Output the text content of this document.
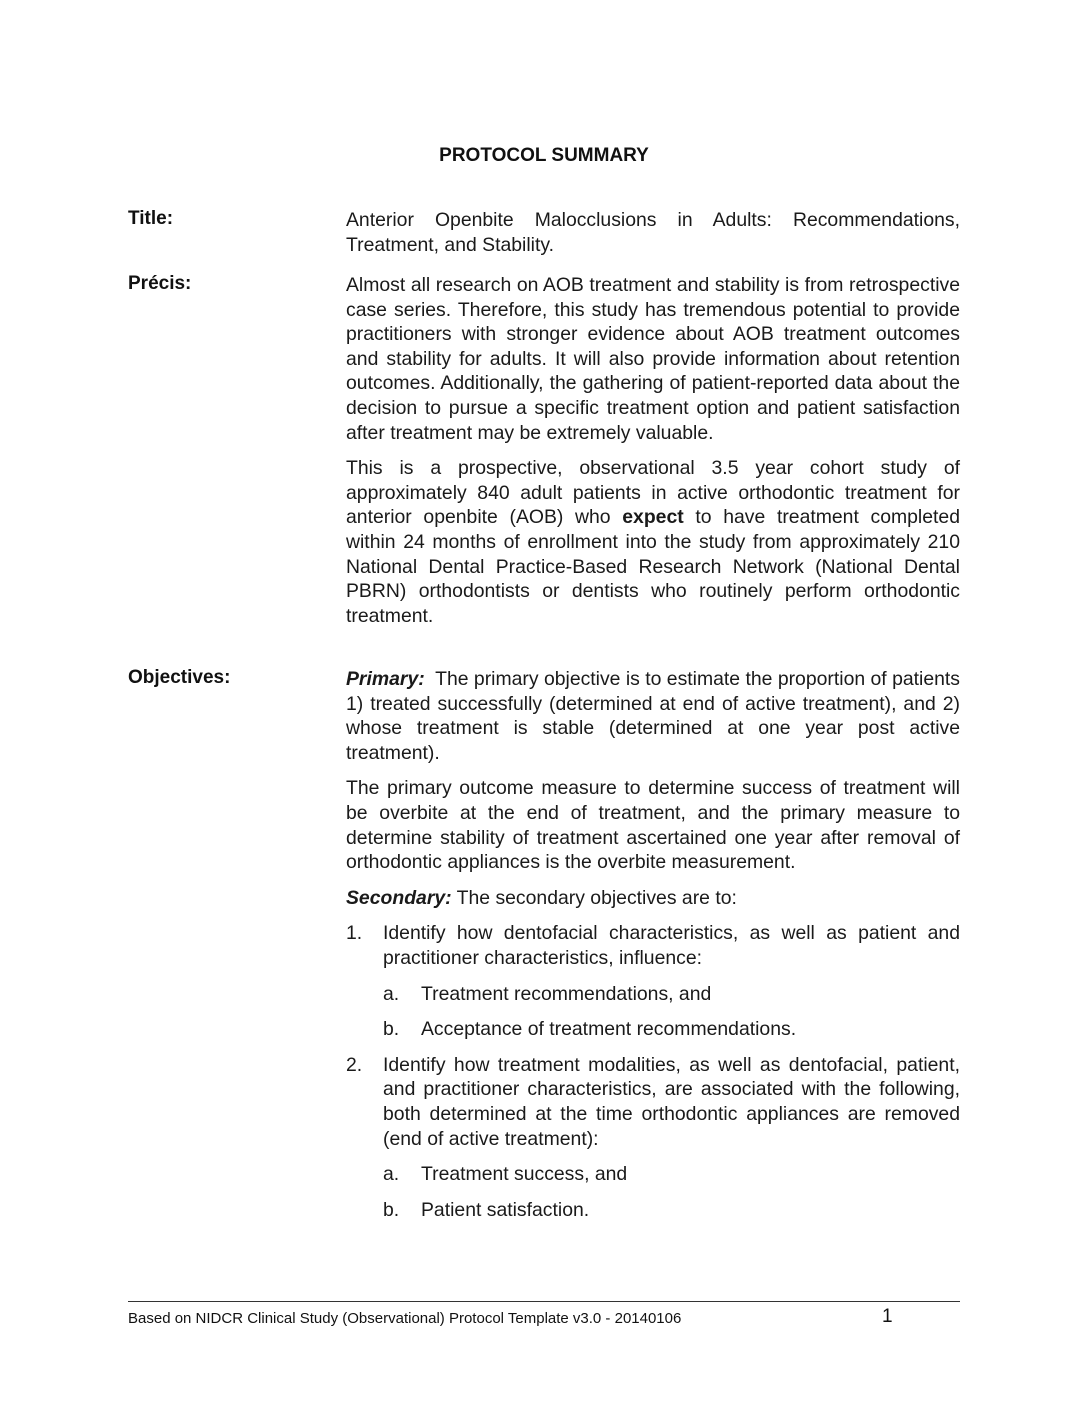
PROTOCOL SUMMARY
Title:	Anterior Openbite Malocclusions in Adults: Recommendations, Treatment, and Stability.

Précis:	Almost all research on AOB treatment and stability is from retrospective case series. Therefore, this study has tremendous potential to provide practitioners with stronger evidence about AOB treatment outcomes and stability for adults. It will also provide information about retention outcomes. Additionally, the gathering of patient-reported data about the decision to pursue a specific treatment option and patient satisfaction after treatment may be extremely valuable.

This is a prospective, observational 3.5 year cohort study of approximately 840 adult patients in active orthodontic treatment for anterior openbite (AOB) who expect to have treatment completed within 24 months of enrollment into the study from approximately 210 National Dental Practice-Based Research Network (National Dental PBRN) orthodontists or dentists who routinely perform orthodontic treatment.

Objectives:	Primary:  The primary objective is to estimate the proportion of patients 1) treated successfully (determined at end of active treatment), and 2) whose treatment is stable (determined at one year post active treatment).

The primary outcome measure to determine success of treatment will be overbite at the end of treatment, and the primary measure to determine stability of treatment ascertained one year after removal of orthodontic appliances is the overbite measurement.

Secondary: The secondary objectives are to:

1. Identify how dentofacial characteristics, as well as patient and practitioner characteristics, influence:
a. Treatment recommendations, and
b. Acceptance of treatment recommendations.
2. Identify how treatment modalities, as well as dentofacial, patient, and practitioner characteristics, are associated with the following, both determined at the time orthodontic appliances are removed (end of active treatment):
a. Treatment success, and
b. Patient satisfaction.
Based on NIDCR Clinical Study (Observational) Protocol Template v3.0 - 20140106	1
